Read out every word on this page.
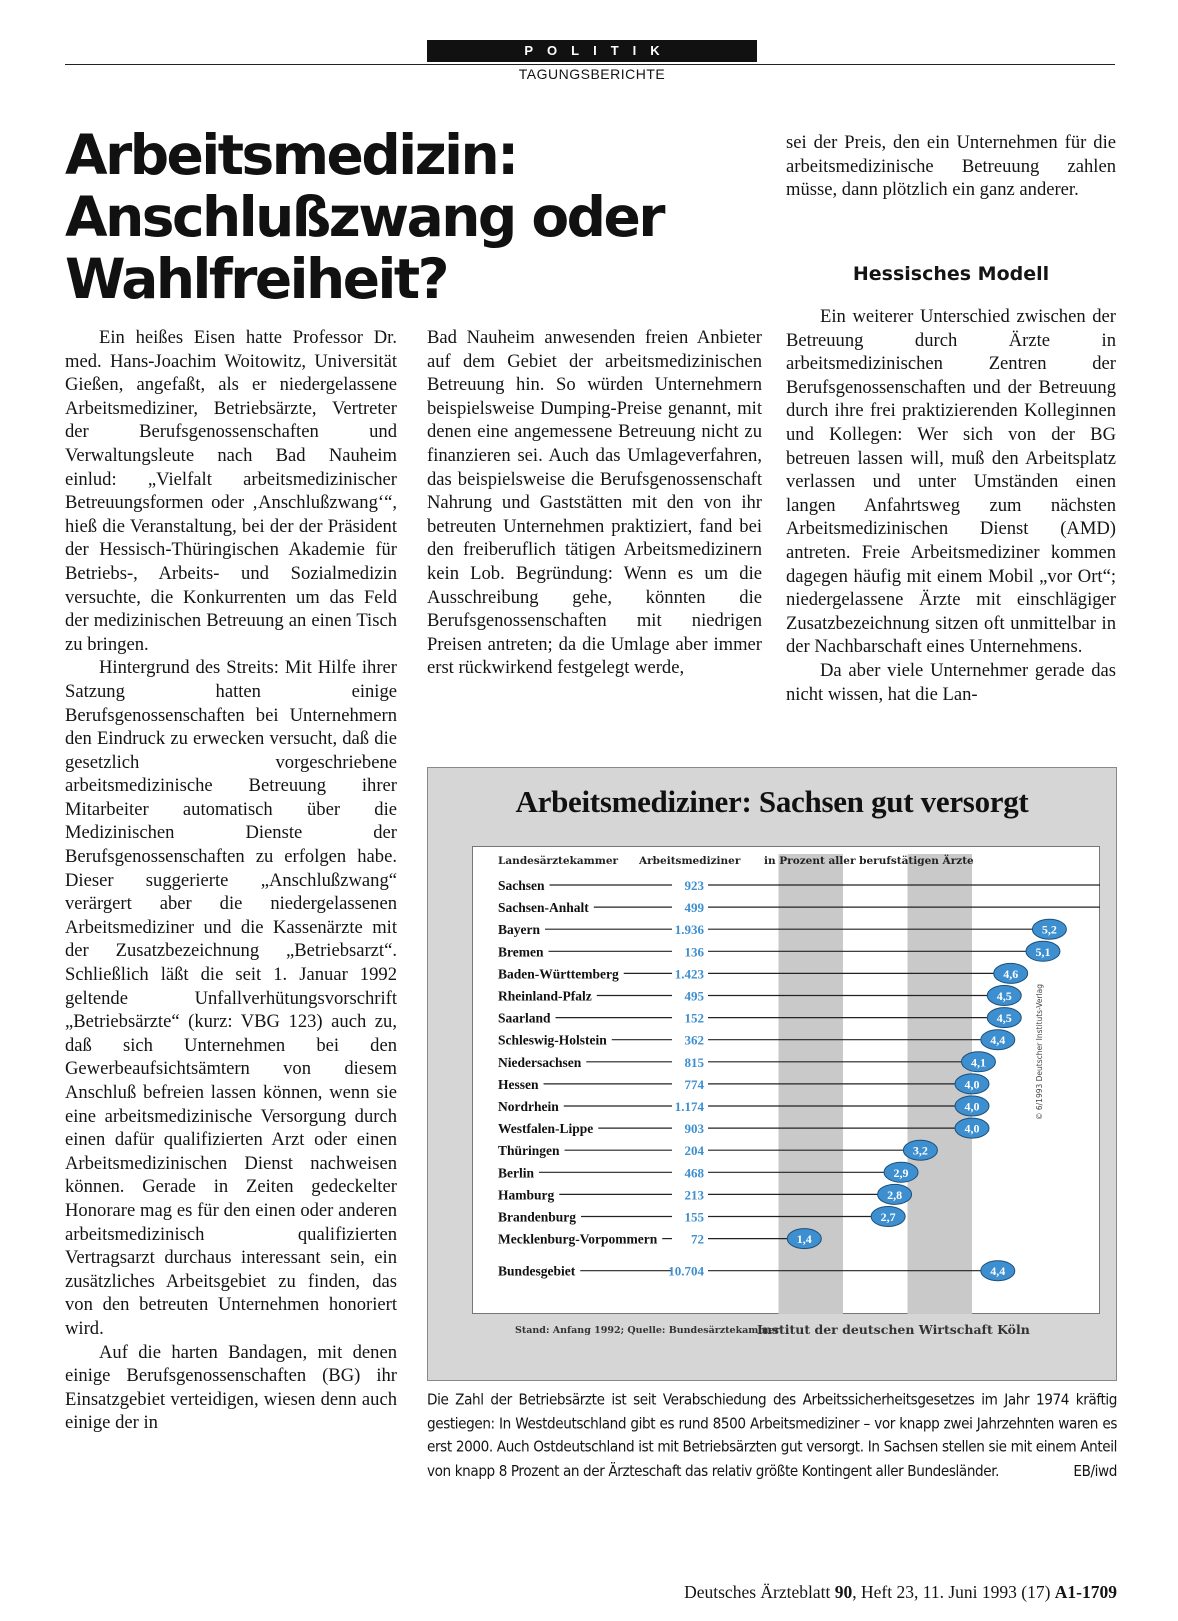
POLITIK
TAGUNGSBERICHTE
Arbeitsmedizin:
Anschlußzwang oder
Wahlfreiheit?

Ein heißes Eisen hatte Professor Dr. med. Hans-Joachim Woitowitz, Universität Gießen, angefaßt, als er niedergelassene Arbeitsmediziner, Betriebsärzte, Vertreter der Berufsgenossenschaften und Verwaltungsleute nach Bad Nauheim einlud: „Vielfalt arbeitsmedizinischer Betreuungsformen oder ‚Anschlußzwang‘“, hieß die Veranstaltung, bei der der Präsident der Hessisch-Thüringischen Akademie für Betriebs-, Arbeits- und Sozialmedizin versuchte, die Konkurrenten um das Feld der medizinischen Betreuung an einen Tisch zu bringen.

Hintergrund des Streits: Mit Hilfe ihrer Satzung hatten einige Berufsgenossenschaften bei Unternehmern den Eindruck zu erwecken versucht, daß die gesetzlich vorgeschriebene arbeitsmedizinische Betreuung ihrer Mitarbeiter automatisch über die Medizinischen Dienste der Berufsgenossenschaften zu erfolgen habe. Dieser suggerierte „Anschlußzwang“ verärgert aber die niedergelassenen Arbeitsmediziner und die Kassenärzte mit der Zusatzbezeichnung „Betriebsarzt“. Schließlich läßt die seit 1. Januar 1992 geltende Unfallverhütungsvorschrift „Betriebsärzte“ (kurz: VBG 123) auch zu, daß sich Unternehmen bei den Gewerbeaufsichtsämtern von diesem Anschluß befreien lassen können, wenn sie eine arbeitsmedizinische Versorgung durch einen dafür qualifizierten Arzt oder einen Arbeitsmedizinischen Dienst nachweisen können. Gerade in Zeiten gedeckelter Honorare mag es für den einen oder anderen arbeitsmedizinisch qualifizierten Vertragsarzt durchaus interessant sein, ein zusätzliches Arbeitsgebiet zu finden, das von den betreuten Unternehmen honoriert wird.

Auf die harten Bandagen, mit denen einige Berufsgenossenschaften (BG) ihr Einsatzgebiet verteidigen, wiesen denn auch einige der in

Bad Nauheim anwesenden freien Anbieter auf dem Gebiet der arbeitsmedizinischen Betreuung hin. So würden Unternehmern beispielsweise Dumping-Preise genannt, mit denen eine angemessene Betreuung nicht zu finanzieren sei. Auch das Umlageverfahren, das beispielsweise die Berufsgenossenschaft Nahrung und Gaststätten mit den von ihr betreuten Unternehmen praktiziert, fand bei den freiberuflich tätigen Arbeitsmedizinern kein Lob. Begründung: Wenn es um die Ausschreibung gehe, könnten die Berufsgenossenschaften mit niedrigen Preisen antreten; da die Umlage aber immer erst rückwirkend festgelegt werde,

sei der Preis, den ein Unternehmen für die arbeitsmedizinische Betreuung zahlen müsse, dann plötzlich ein ganz anderer.

Hessisches Modell

Ein weiterer Unterschied zwischen der Betreuung durch Ärzte in arbeitsmedizinischen Zentren der Berufsgenossenschaften und der Betreuung durch ihre frei praktizierenden Kolleginnen und Kollegen: Wer sich von der BG betreuen lassen will, muß den Arbeitsplatz verlassen und unter Umständen einen langen Anfahrtsweg zum nächsten Arbeitsmedizinischen Dienst (AMD) antreten. Freie Arbeitsmediziner kommen dagegen häufig mit einem Mobil „vor Ort“; niedergelassene Ärzte mit einschlägiger Zusatzbezeichnung sitzen oft unmittelbar in der Nachbarschaft eines Unternehmens.

Da aber viele Unternehmer gerade das nicht wissen, hat die Lan-

Arbeitsmediziner: Sachsen gut versorgt
Landesärztekammer Arbeitsmediziner in Prozent aller berufstätigen Ärzte
Sachsen	923
Sachsen-Anhalt	499
Bayern	1.936	5,2
Bremen	136	5,1
Baden-Württemberg	1.423	4,6
Rheinland-Pfalz	495	4,5
Saarland	152	4,5
Schleswig-Holstein	362	4,4
Niedersachsen	815	4,1
Hessen	774	4,0
Nordrhein	1.174	4,0
Westfalen-Lippe	903	4,0
Thüringen	204	3,2
Berlin	468	2,9
Hamburg	213	2,8
Brandenburg	155	2,7
Mecklenburg-Vorpommern	72	1,4
Bundesgebiet	10.704	4,4
Stand: Anfang 1992; Quelle: Bundesärztekammer
Institut der deutschen Wirtschaft Köln
© 6/1993 Deutscher Instituts-Verlag
Die Zahl der Betriebsärzte ist seit Verabschiedung des Arbeitssicherheitsgesetzes im Jahr 1974 kräftig gestiegen: In Westdeutschland gibt es rund 8500 Arbeitsmediziner – vor knapp zwei Jahrzehnten waren es erst 2000. Auch Ostdeutschland ist mit Betriebsärzten gut versorgt. In Sachsen stellen sie mit einem Anteil von knapp 8 Prozent an der Ärzteschaft das relativ größte Kontingent aller Bundesländer.	EB/iwd
Deutsches Ärzteblatt 90, Heft 23, 11. Juni 1993 (17) A1-1709
